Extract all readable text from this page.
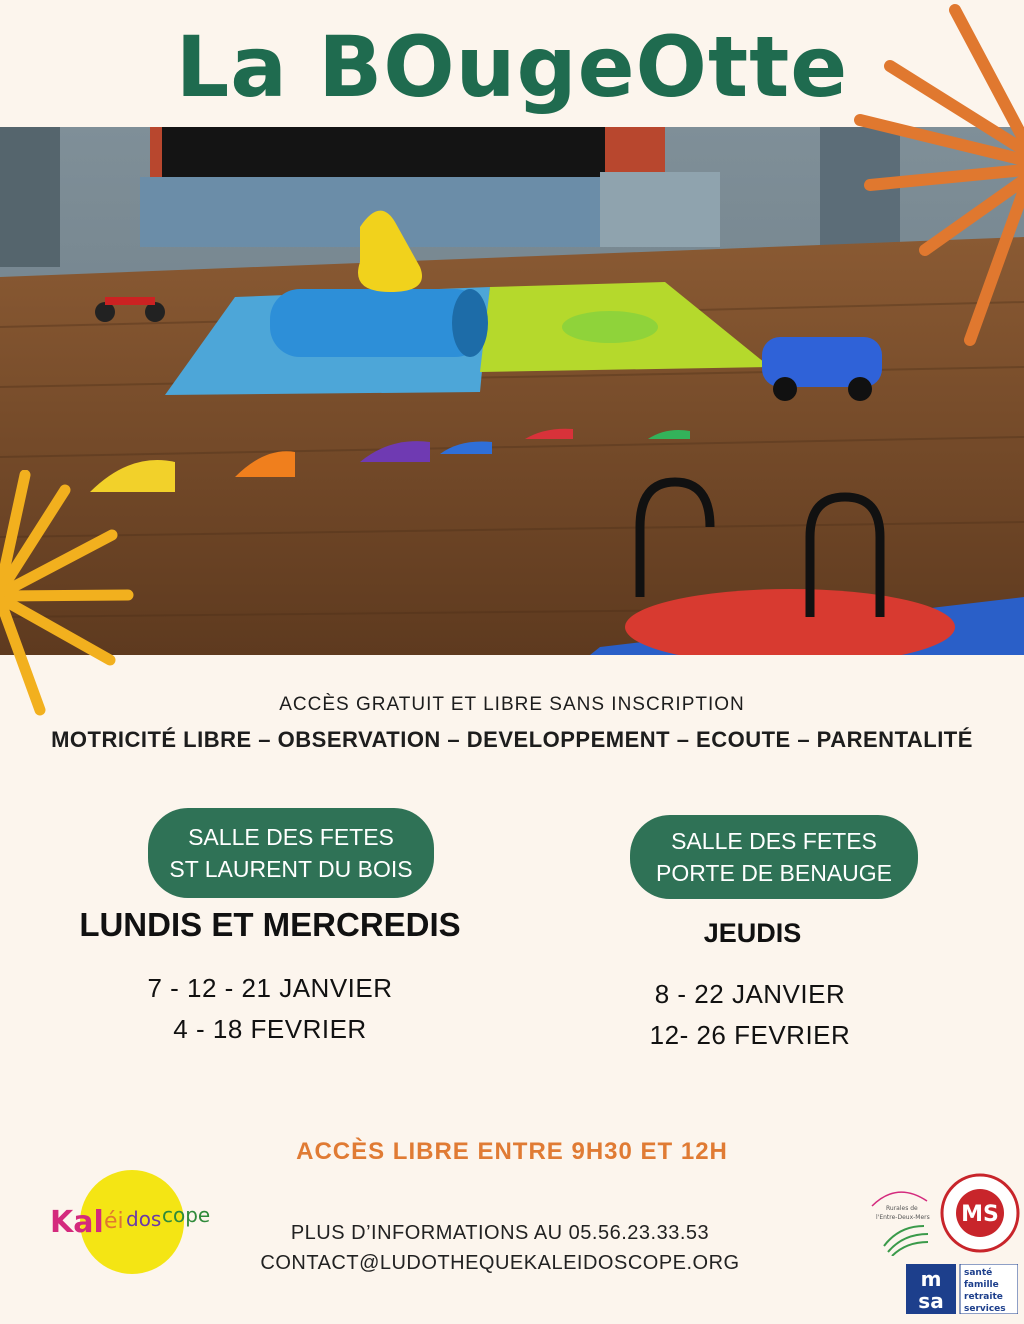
La BOugeOtte
ACCÈS GRATUIT ET LIBRE SANS INSCRIPTION
MOTRICITÉ LIBRE – OBSERVATION – DEVELOPPEMENT – ECOUTE – PARENTALITÉ
SALLE DES FETES
ST LAURENT DU BOIS
SALLE DES FETES
PORTE DE BENAUGE
LUNDIS ET MERCREDIS	JEUDIS
7 - 12 - 21 JANVIER
4 - 18 FEVRIER
8 - 22 JANVIER
12- 26 FEVRIER
ACCÈS LIBRE ENTRE 9H30 ET 12H
PLUS D’INFORMATIONS AU 05.56.23.33.53
CONTACT@LUDOTHEQUEKALEIDOSCOPE.ORG
Kal éi dos cope	Rurales de
l'Entre-Deux-Mers MS
m
sa
santé
famille
retraite
services
